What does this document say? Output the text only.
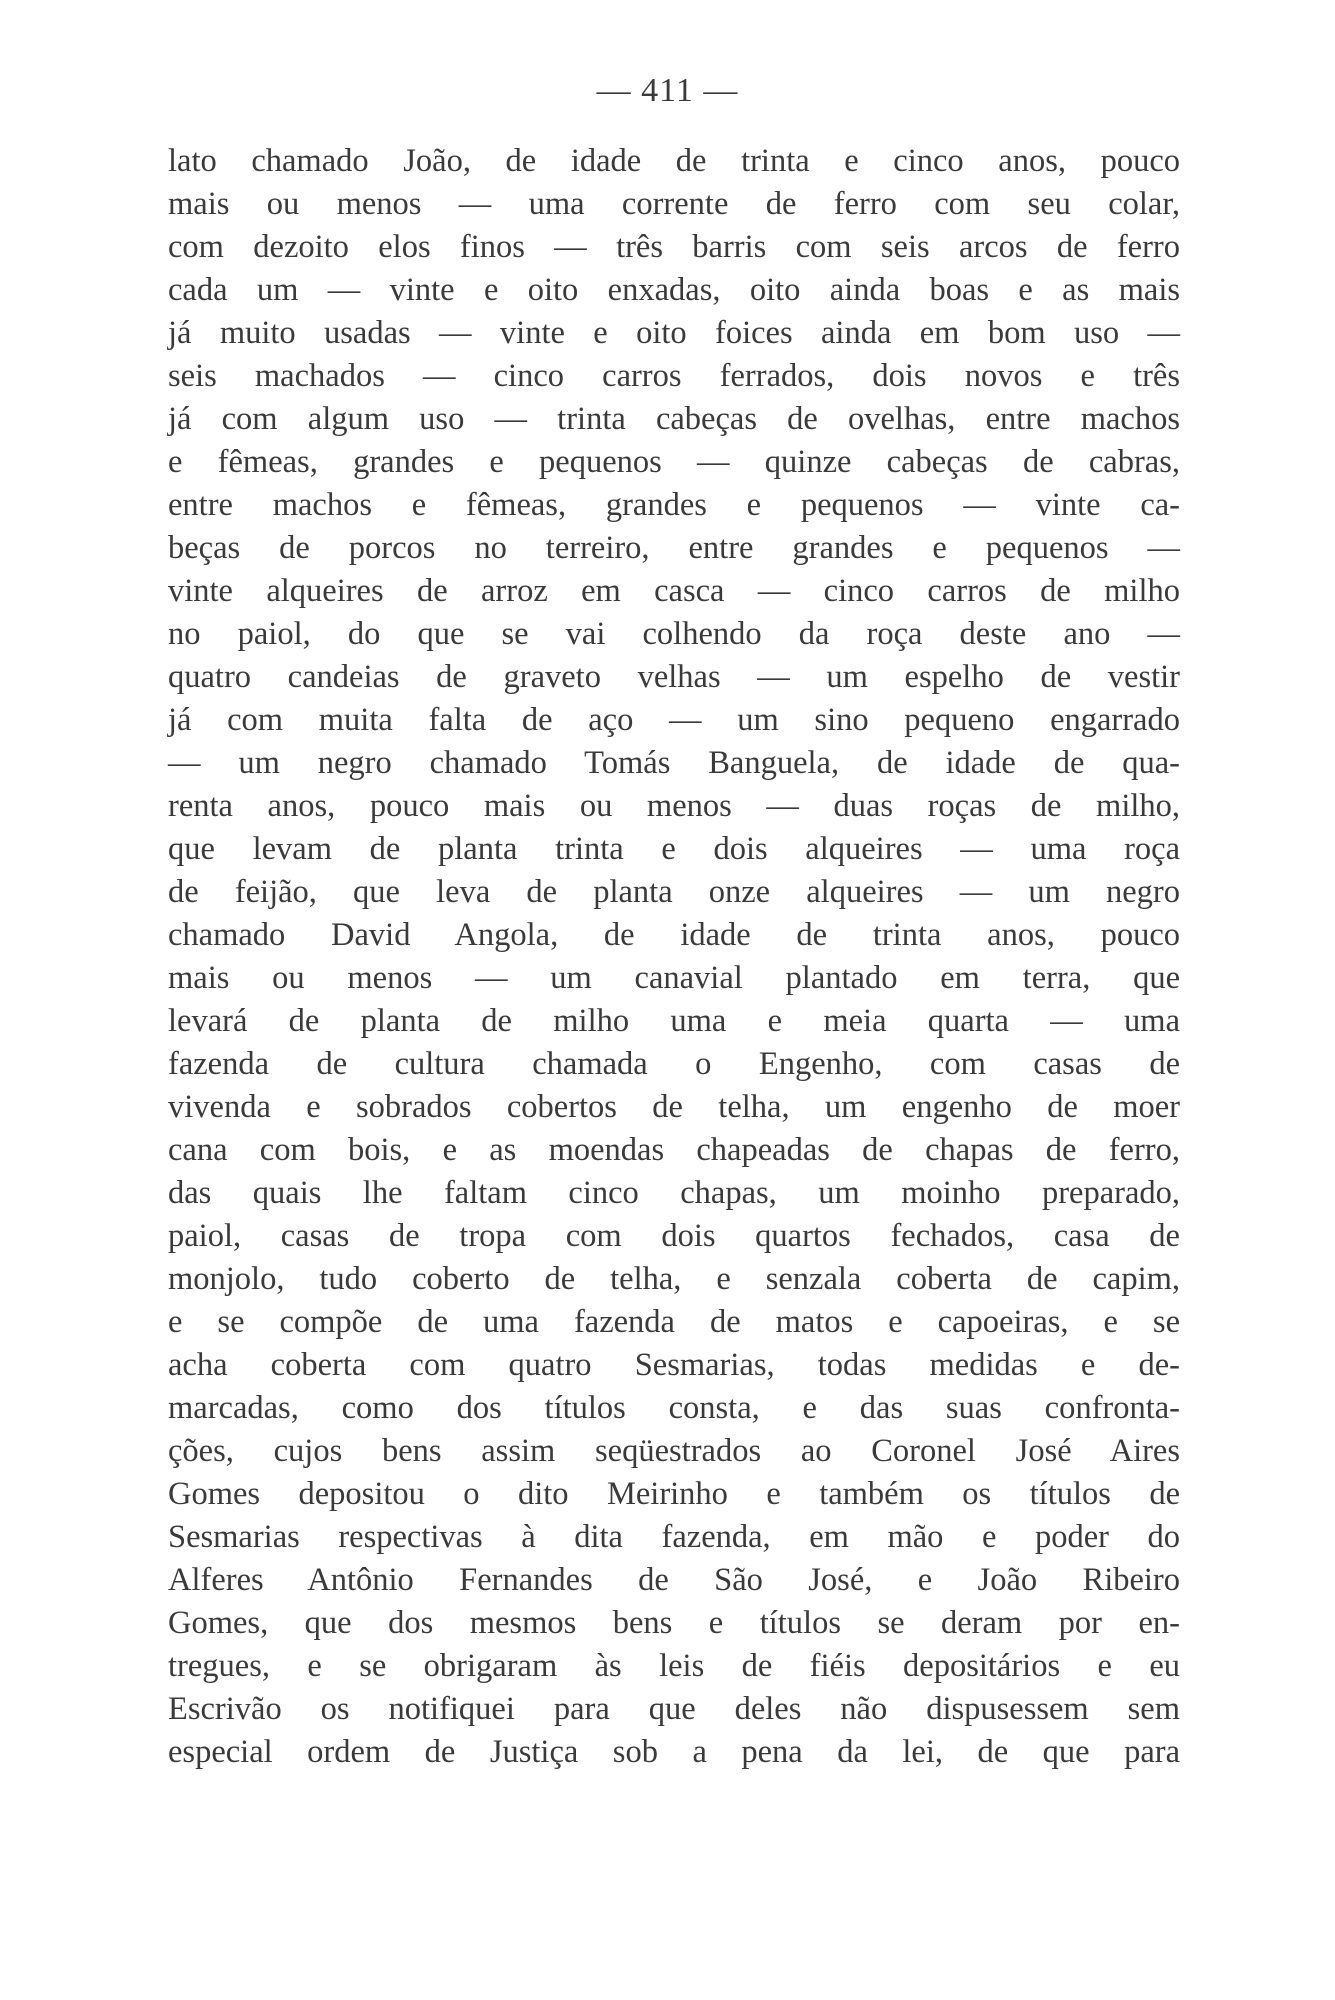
— 411 —
lato chamado João, de idade de trinta e cinco anos, pouco
mais ou menos — uma corrente de ferro com seu colar,
com dezoito elos finos — três barris com seis arcos de ferro
cada um — vinte e oito enxadas, oito ainda boas e as mais
já muito usadas — vinte e oito foices ainda em bom uso —
seis machados — cinco carros ferrados, dois novos e três
já com algum uso — trinta cabeças de ovelhas, entre machos
e fêmeas, grandes e pequenos — quinze cabeças de cabras,
entre machos e fêmeas, grandes e pequenos — vinte ca-
beças de porcos no terreiro, entre grandes e pequenos —
vinte alqueires de arroz em casca — cinco carros de milho
no paiol, do que se vai colhendo da roça deste ano —
quatro candeias de graveto velhas — um espelho de vestir
já com muita falta de aço — um sino pequeno engarrado
— um negro chamado Tomás Banguela, de idade de qua-
renta anos, pouco mais ou menos — duas roças de milho,
que levam de planta trinta e dois alqueires — uma roça
de feijão, que leva de planta onze alqueires — um negro
chamado David Angola, de idade de trinta anos, pouco
mais ou menos — um canavial plantado em terra, que
levará de planta de milho uma e meia quarta — uma
fazenda de cultura chamada o Engenho, com casas de
vivenda e sobrados cobertos de telha, um engenho de moer
cana com bois, e as moendas chapeadas de chapas de ferro,
das quais lhe faltam cinco chapas, um moinho preparado,
paiol, casas de tropa com dois quartos fechados, casa de
monjolo, tudo coberto de telha, e senzala coberta de capim,
e se compõe de uma fazenda de matos e capoeiras, e se
acha coberta com quatro Sesmarias, todas medidas e de-
marcadas, como dos títulos consta, e das suas confronta-
ções, cujos bens assim seqüestrados ao Coronel José Aires
Gomes depositou o dito Meirinho e também os títulos de
Sesmarias respectivas à dita fazenda, em mão e poder do
Alferes Antônio Fernandes de São José, e João Ribeiro
Gomes, que dos mesmos bens e títulos se deram por en-
tregues, e se obrigaram às leis de fiéis depositários e eu
Escrivão os notifiquei para que deles não dispusessem sem
especial ordem de Justiça sob a pena da lei, de que para
